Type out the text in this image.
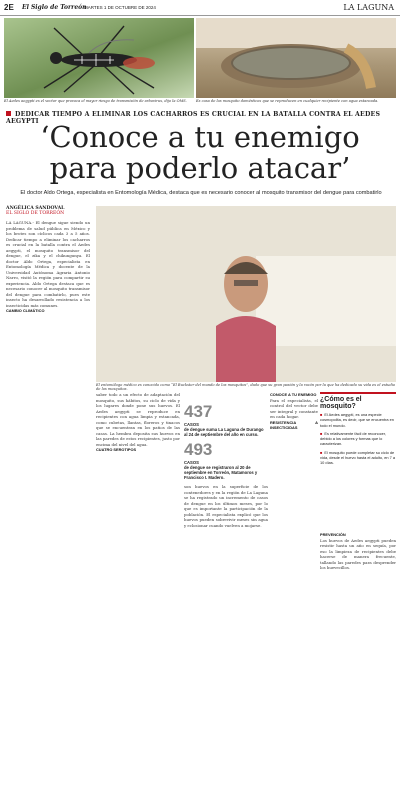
2E El Siglo de Torreón
MARTES 1 DE OCTUBRE DE 2024	LA LAGUNA
El Aedes aegypti es el vector que provoca el mayor riesgo de transmisión de arbovirus, dijo la OMS.	Es cosa de los mosquito domésticos que se reproducen en cualquier recipiente con agua estancada.
DEDICAR TIEMPO A ELIMINAR LOS CACHARROS ES CRUCIAL EN LA BATALLA CONTRA EL AEDES AEGYPTI ‘Conoce a tu enemigo
para poderlo atacar’
El doctor Aldo Ortega, especialista en Entomología Médica, destaca que es necesario conocer al mosquito transmisor del dengue para combatirlo
ANGÉLICA SANDOVAL
EL SIGLO DE TORREÓN

LA LAGUNA.- El dengue sigue siendo un problema de salud pública en México y los brotes son cíclicos cada 3 a 5 años. Dedicar tiempo a eliminar los cacharros es crucial en la batalla contra el Aedes aegypti, el mosquito transmisor del dengue, el zika y el chikungunya. El doctor Aldo Ortega, especialista en Entomología Médica y docente de la Universidad Autónoma Agraria Antonio Narro, visitó la región para compartir su experiencia. Aldo Ortega destaca que es necesario conocer al mosquito transmisor del dengue para combatirlo, pues este insecto ha desarrollado resistencia a los insecticidas más comunes.

CAMBIO CLIMÁTICO

El entomólogo médico es conocido como “El Buckster del mundo de los mosquitos”, dado que su gran pasión y la razón por la que ha dedicado su vida es el estudio de los mosquitos.

saber todo a un efecto de adaptación del mosquito, sus hábitos, su ciclo de vida y los lugares donde pone sus huevos. El Aedes aegypti se reproduce en recipientes con agua limpia y estancada, como cubetas, llantas, floreros y tinacos que se encuentran en los patios de las casas. La hembra deposita sus huevos en las paredes de estos recipientes, justo por encima del nivel del agua.

CUATRO SEROTIPOS

437
CASOS
de dengue suma La Laguna de Durango al 24 de septiembre del año en curso.
493
CASOS
de dengue se registraron al 20 de septiembre en Torreón, Matamoros y Francisco I. Madero.

son huevos en la superficie de los contenedores y en la región de La Laguna se ha registrado un incremento de casos de dengue en los últimos meses, por lo que es importante la participación de la población. El especialista explicó que los huevos pueden sobrevivir meses sin agua y eclosionar cuando vuelven a mojarse.

CONOCE A TU ENEMIGO

Para el especialista, el control del vector debe ser integral y constante en cada hogar.

RESISTENCIA A INSECTICIDAS

¿Cómo es el mosquito?
■ El Aedes aegypti, es una especie cosmopolita, es decir, que se encuentra en todo el mundo.
■ Es relativamente fácil de reconocer, debido a los colores y formas que lo caracterizan.
■ El mosquito puede completar su ciclo de vida, desde el huevo hasta el adulto, en 7 a 10 días.

PREVENCIÓN

Los huevos de Aedes aegypti pueden resistir hasta un año en sequía, por eso la limpieza de recipientes debe hacerse de manera frecuente, tallando las paredes para desprender los huevecillos.
